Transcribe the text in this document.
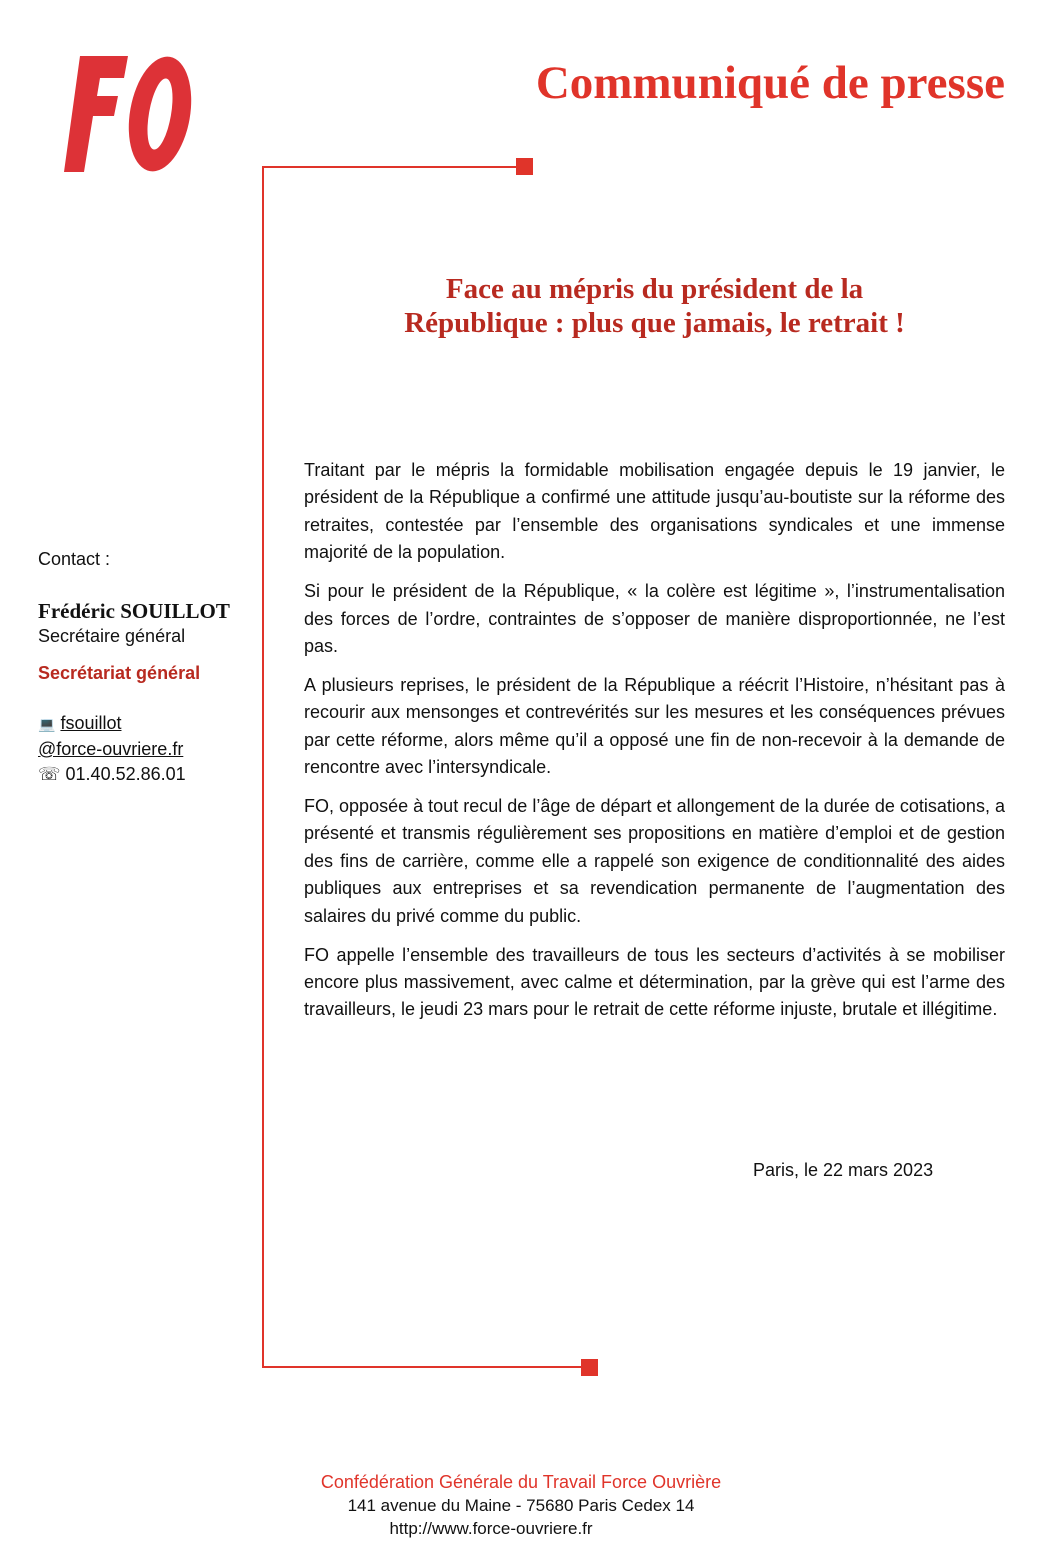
Communiqué de presse
Face au mépris du président de la
République : plus que jamais, le retrait !

Traitant par le mépris la formidable mobilisation engagée depuis le 19 janvier, le président de la République a confirmé une attitude jusqu’au-boutiste sur la réforme des retraites, contestée par l’ensemble des organisations syndicales et une immense majorité de la population.

Si pour le président de la République, « la colère est légitime », l’instrumentalisation des forces de l’ordre, contraintes de s’opposer de manière disproportionnée, ne l’est pas.

A plusieurs reprises, le président de la République a réécrit l’Histoire, n’hésitant pas à recourir aux mensonges et contrevérités sur les mesures et les conséquences prévues par cette réforme, alors même qu’il a opposé une fin de non-recevoir à la demande de rencontre avec l’intersyndicale.

FO, opposée à tout recul de l’âge de départ et allongement de la durée de cotisations, a présenté et transmis régulièrement ses propositions en matière d’emploi et de gestion des fins de carrière, comme elle a rappelé son exigence de conditionnalité des aides publiques aux entreprises et sa revendication permanente de l’augmentation des salaires du privé comme du public.

FO appelle l’ensemble des travailleurs de tous les secteurs d’activités à se mobiliser encore plus massivement, avec calme et détermination, par la grève qui est l’arme des travailleurs, le jeudi 23 mars pour le retrait de cette réforme injuste, brutale et illégitime.

Paris, le 22 mars 2023
Contact :
Frédéric SOUILLOT
Secrétaire général
Secrétariat général
💻 fsouillot
@force-ouvriere.fr
☏ 01.40.52.86.01
Confédération Générale du Travail Force Ouvrière
141 avenue du Maine - 75680 Paris Cedex 14
http://www.force-ouvriere.fr
